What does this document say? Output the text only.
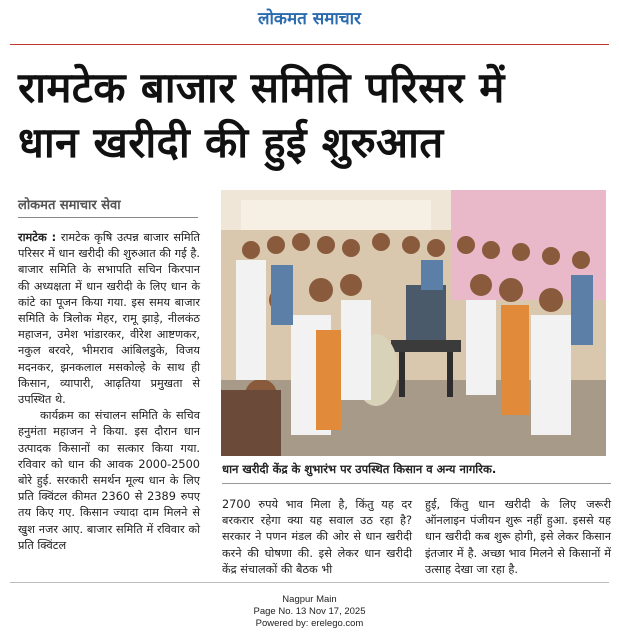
लोकमत समाचार
रामटेक बाजार समिति परिसर में
धान खरीदी की हुई शुरुआत
लोकमत समाचार सेवा

रामटेक : रामटेक कृषि उत्पन्न बाजार समिति परिसर में धान खरीदी की शुरुआत की गई है. बाजार समिति के सभापति सचिन किरपान की अध्यक्षता में धान खरीदी के लिए धान के कांटे का पूजन किया गया. इस समय बाजार समिति के त्रिलोक मेहर, रामू झाड़े, नीलकंठ महाजन, उमेश भांडारकर, वीरेश आष्टणकर, नकुल बरवरे, भीमराव आंबिलडुके, विजय मदनकर, झनकलाल मसकोल्हे के साथ ही किसान, व्यापारी, आढ़तिया प्रमुखता से उपस्थित थे.

कार्यक्रम का संचालन समिति के सचिव हनुमंता महाजन ने किया. इस दौरान धान उत्पादक किसानों का सत्कार किया गया. रविवार को धान की आवक 2000-2500 बोरे हुई. सरकारी समर्थन मूल्य धान के लिए प्रति क्विंटल कीमत 2360 से 2389 रुपए तय किए गए. किसान ज्यादा दाम मिलने से खुश नजर आए. बाजार समिति में रविवार को प्रति क्विंटल

धान खरीदी केंद्र के शुभारंभ पर उपस्थित किसान व अन्य नागरिक.
2700 रुपये भाव मिला है, किंतु यह दर बरकरार रहेगा क्या यह सवाल उठ रहा है? सरकार ने पणन मंडल की ओर से धान खरीदी करने की घोषणा की. इसे लेकर धान खरीदी केंद्र संचालकों की बैठक भी
हुई, किंतु धान खरीदी के लिए जरूरी ऑनलाइन पंजीयन शुरू नहीं हुआ. इससे यह धान खरीदी कब शुरू होगी, इसे लेकर किसान इंतजार में है. अच्छा भाव मिलने से किसानों में उत्साह देखा जा रहा है.
Nagpur Main
Page No. 13 Nov 17, 2025
Powered by: erelego.com
